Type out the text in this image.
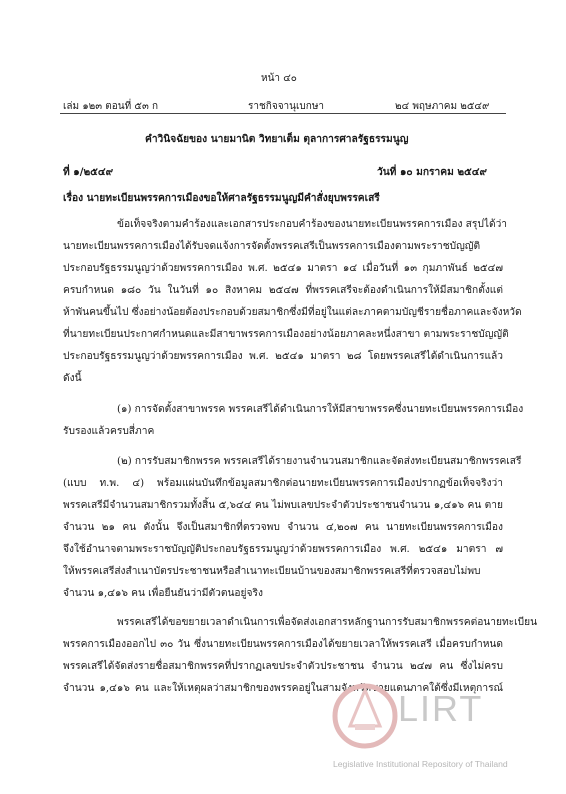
หน้า ๔๐
เล่ม ๑๒๓ ตอนที่ ๕๓ ก	ราชกิจจานุเบกษา	๒๔ พฤษภาคม ๒๕๔๙
คำวินิจฉัยของ นายมานิต วิทยาเต็ม ตุลาการศาลรัฐธรรมนูญ
ที่ ๑/๒๕๔๙	วันที่ ๑๐ มกราคม ๒๕๔๙
เรื่อง นายทะเบียนพรรคการเมืองขอให้ศาลรัฐธรรมนูญมีคำสั่งยุบพรรคเสรี
ข้อเท็จจริงตามคำร้องและเอกสารประกอบคำร้องของนายทะเบียนพรรคการเมือง สรุปได้ว่า
นายทะเบียนพรรคการเมืองได้รับจดแจ้งการจัดตั้งพรรคเสรีเป็นพรรคการเมืองตามพระราชบัญญัติ
ประกอบรัฐธรรมนูญว่าด้วยพรรคการเมือง พ.ศ. ๒๕๔๑ มาตรา ๑๔ เมื่อวันที่ ๑๓ กุมภาพันธ์ ๒๕๔๗
ครบกำหนด ๑๘๐ วัน ในวันที่ ๑๐ สิงหาคม ๒๕๔๗ ที่พรรคเสรีจะต้องดำเนินการให้มีสมาชิกตั้งแต่
ห้าพันคนขึ้นไป ซึ่งอย่างน้อยต้องประกอบด้วยสมาชิกซึ่งมีที่อยู่ในแต่ละภาคตามบัญชีรายชื่อภาคและจังหวัด
ที่นายทะเบียนประกาศกำหนดและมีสาขาพรรคการเมืองอย่างน้อยภาคละหนึ่งสาขา ตามพระราชบัญญัติ
ประกอบรัฐธรรมนูญว่าด้วยพรรคการเมือง พ.ศ. ๒๕๔๑ มาตรา ๒๘ โดยพรรคเสรีได้ดำเนินการแล้ว
ดังนี้
(๑) การจัดตั้งสาขาพรรค พรรคเสรีได้ดำเนินการให้มีสาขาพรรคซึ่งนายทะเบียนพรรคการเมือง
รับรองแล้วครบสี่ภาค
(๒) การรับสมาชิกพรรค พรรคเสรีได้รายงานจำนวนสมาชิกและจัดส่งทะเบียนสมาชิกพรรคเสรี
(แบบ ท.พ. ๔) พร้อมแผ่นบันทึกข้อมูลสมาชิกต่อนายทะเบียนพรรคการเมืองปรากฏข้อเท็จจริงว่า
พรรคเสรีมีจำนวนสมาชิกรวมทั้งสิ้น ๕,๖๔๔ คน ไม่พบเลขประจำตัวประชาชนจำนวน ๑,๔๑๖ คน ตาย
จำนวน ๒๑ คน ดังนั้น จึงเป็นสมาชิกที่ตรวจพบ จำนวน ๔,๒๐๗ คน นายทะเบียนพรรคการเมือง
จึงใช้อำนาจตามพระราชบัญญัติประกอบรัฐธรรมนูญว่าด้วยพรรคการเมือง พ.ศ. ๒๕๔๑ มาตรา ๗
ให้พรรคเสรีส่งสำเนาบัตรประชาชนหรือสำเนาทะเบียนบ้านของสมาชิกพรรคเสรีที่ตรวจสอบไม่พบ
จำนวน ๑,๔๑๖ คน เพื่อยืนยันว่ามีตัวตนอยู่จริง
พรรคเสรีได้ขอขยายเวลาดำเนินการเพื่อจัดส่งเอกสารหลักฐานการรับสมาชิกพรรคต่อนายทะเบียน
พรรคการเมืองออกไป ๓๐ วัน ซึ่งนายทะเบียนพรรคการเมืองได้ขยายเวลาให้พรรคเสรี เมื่อครบกำหนด
พรรคเสรีได้จัดส่งรายชื่อสมาชิกพรรคที่ปรากฏเลขประจำตัวประชาชน จำนวน ๒๔๗ คน ซึ่งไม่ครบ
จำนวน ๑,๔๑๖ คน และให้เหตุผลว่าสมาชิกของพรรคอยู่ในสามจังหวัดชายแดนภาคใต้ซึ่งมีเหตุการณ์
LIRT
Legislative Institutional Repository of Thailand
